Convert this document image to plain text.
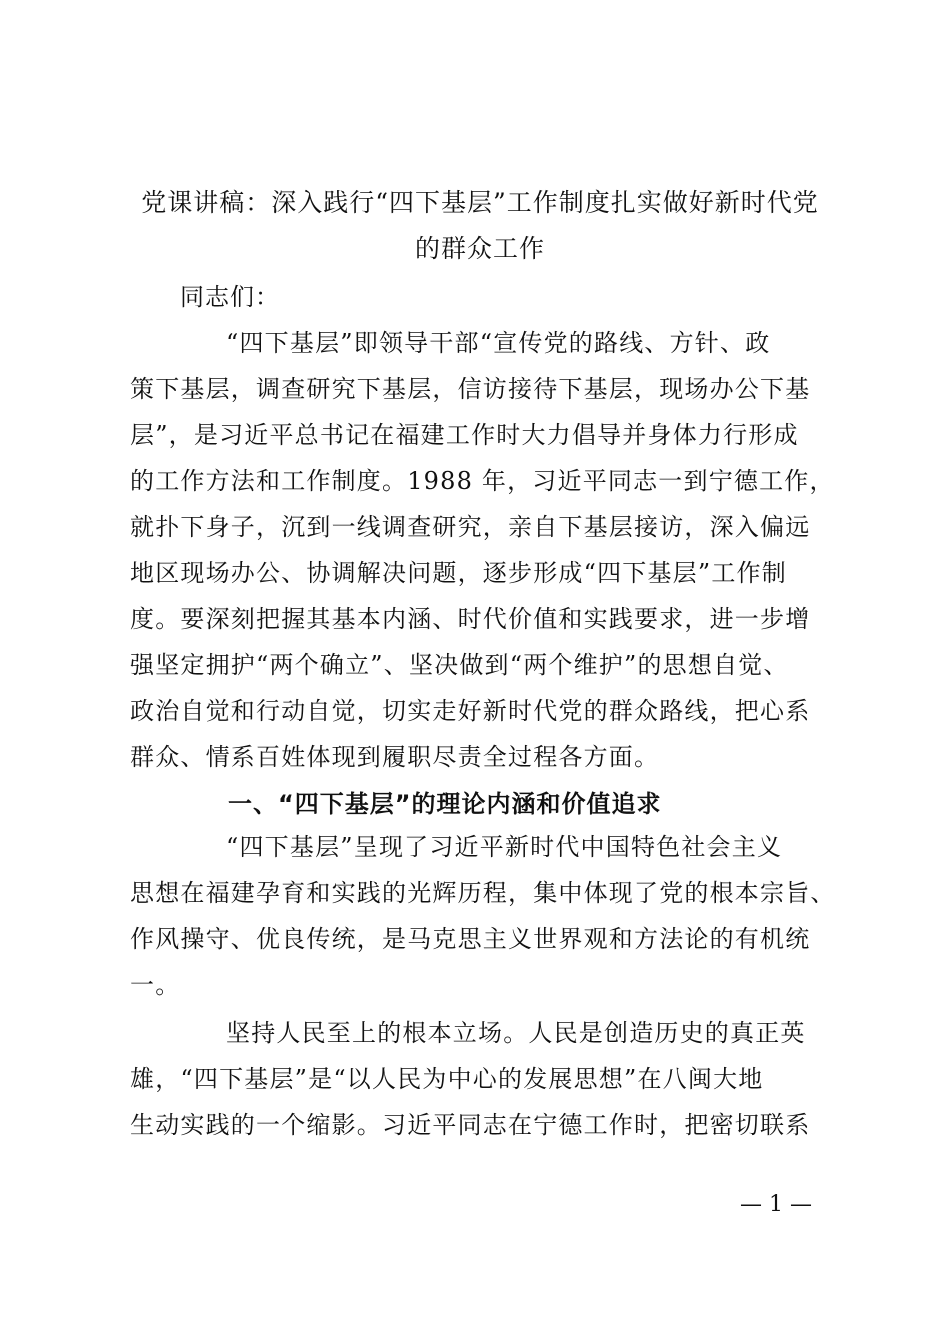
党课讲稿：深入践行“四下基层”工作制度扎实做好新时代党
的群众工作

同志们：

“四下基层”即领导干部“宣传党的路线、方针、政
策下基层，调查研究下基层，信访接待下基层，现场办公下基
层”，是习近平总书记在福建工作时大力倡导并身体力行形成
的工作方法和工作制度。1988 年，习近平同志一到宁德工作，
就扑下身子，沉到一线调查研究，亲自下基层接访，深入偏远
地区现场办公、协调解决问题，逐步形成“四下基层”工作制
度。要深刻把握其基本内涵、时代价值和实践要求，进一步增
强坚定拥护“两个确立”、坚决做到“两个维护”的思想自觉、
政治自觉和行动自觉，切实走好新时代党的群众路线，把心系
群众、情系百姓体现到履职尽责全过程各方面。

一、“四下基层”的理论内涵和价值追求

“四下基层”呈现了习近平新时代中国特色社会主义
思想在福建孕育和实践的光辉历程，集中体现了党的根本宗旨、
作风操守、优良传统，是马克思主义世界观和方法论的有机统
一。

坚持人民至上的根本立场。人民是创造历史的真正英
雄，“四下基层”是“以人民为中心的发展思想”在八闽大地
生动实践的一个缩影。习近平同志在宁德工作时，把密切联系

— 1 —
